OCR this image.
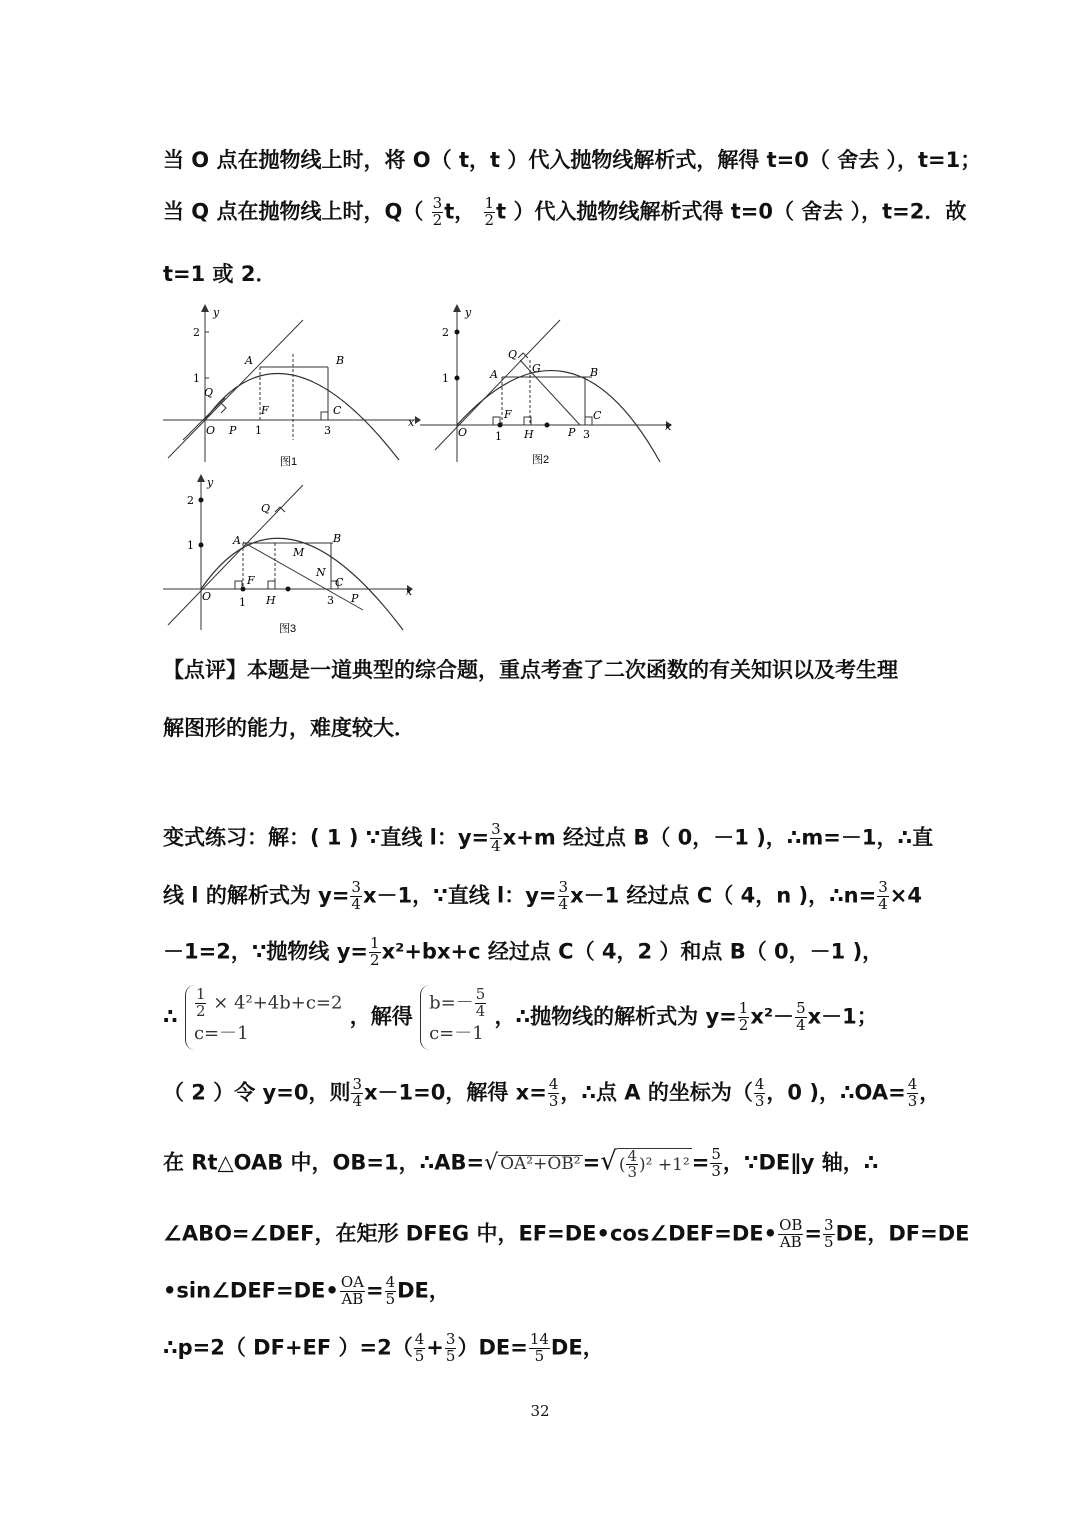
当 O 点在抛物线上时，将 O（ t，t ）代入抛物线解析式，解得 t=0（ 舍去 ），t=1；
当 Q 点在抛物线上时，$Q( \frac{3}{2}$ t， $\frac{1}{2}$ t ）代入抛物线解析式得 t=0（ 舍去 ），t=2．故
t=1 或 2．
y
x
2
1
O P
Q
A	B
C
F
1	3
图1
y
x
2
1
O	P
Q
A	B
C
F
G
H
1	3
图2
y
x
2
1
O	P
Q
A	B
C
F
H
M
N
1	3
图3
【点评】本题是一道典型的综合题，重点考查了二次函数的有关知识以及考生理
解图形的能力，难度较大．
变式练习：解：( 1 ) ∵直线 l：$y= \frac{3}{4} x+m$ 经过点 B（ 0，－1 )，∴m=－1，∴直
线 l 的解析式为 $y= \frac{3}{4} x-1$，∵直线 l：$y= \frac{3}{4} x-1$ 经过点 C（ 4，n )，∴n= $\frac{3}{4} \times 4$
－1=2，∵抛物线 $y= \frac{1}{2} x^2+bx+c$ 经过点 C（ 4，2 ）和点 B（ 0，－1 )，
∴ $\frac{1}{2} \times 4^2+4b+c=2$
c=－1
，解得
$b=- \frac{5}{4}$
c=－1
，∴抛物线的解析式为 $y= \frac{1}{2} x^2- \frac{5}{4} x-1$；
（ 2 ）令 y=0，则 $\frac{3}{4} x-1=0$，解得 $x= \frac{4}{3}$ ，∴点 A 的坐标为（ $\frac{4}{3}$ ，0 )，∴OA= $\frac{4}{3}$ ，
在 Rt△OAB 中，OB=1，∴AB=√ OA²+OB²=√ ( $\frac{4}{3} )^2 +1^2= \frac{5}{3}$ ，∵DE∥y 轴，∴
∠ABO=∠DEF，在矩形 DFEG 中，EF=DE•cos∠DEF=DE• $\frac{OB}{AB} = \frac{3}{5}$ DE，DF=DE
•sin∠DEF=DE• $\frac{OA}{AB} = \frac{4}{5}$ DE，
∴p=2（ DF+EF ）$=2( \frac{4}{5} + \frac{3}{5} )DE= \frac{14}{5}$ DE，
32
